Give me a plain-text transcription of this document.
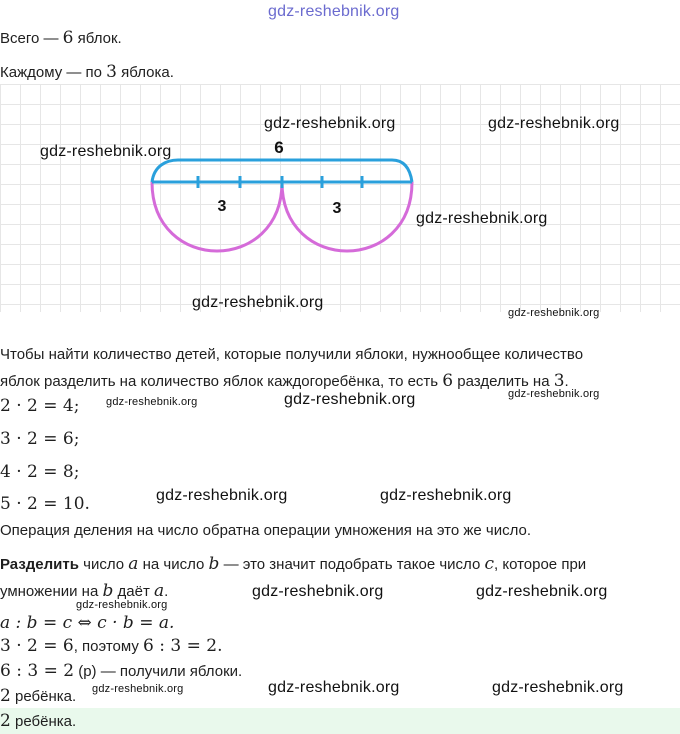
gdz-reshebnik.org
Всего — 6 яблок.
Каждому — по 3 яблока.
6
3	3
gdz-reshebnik.org	gdz-reshebnik.org
gdz-reshebnik.org
gdz-reshebnik.org
gdz-reshebnik.org
gdz-reshebnik.org
Чтобы найти количество детей, которые получили яблоки, нужнообщее количество
яблок разделить на количество яблок каждогоребёнка, то есть 6 разделить на 3.
2 · 2 = 4; gdz-reshebnik.org	gdz-reshebnik.org	gdz-reshebnik.org
3 · 2 = 6;
4 · 2 = 8;
5 · 2 = 10.	gdz-reshebnik.org	gdz-reshebnik.org
Операция деления на число обратна операции умножения на это же число.
Разделить число a на число b — это значит подобрать такое число c, которое при
умножении на b даёт a.	gdz-reshebnik.org	gdz-reshebnik.org
gdz-reshebnik.org
a : b = c ⇔ c · b = a.
3 · 2 = 6, поэтому 6 : 3 = 2.
6 : 3 = 2 (р) — получили яблоки.
2 ребёнка. gdz-reshebnik.org	gdz-reshebnik.org	gdz-reshebnik.org
2 ребёнка.
